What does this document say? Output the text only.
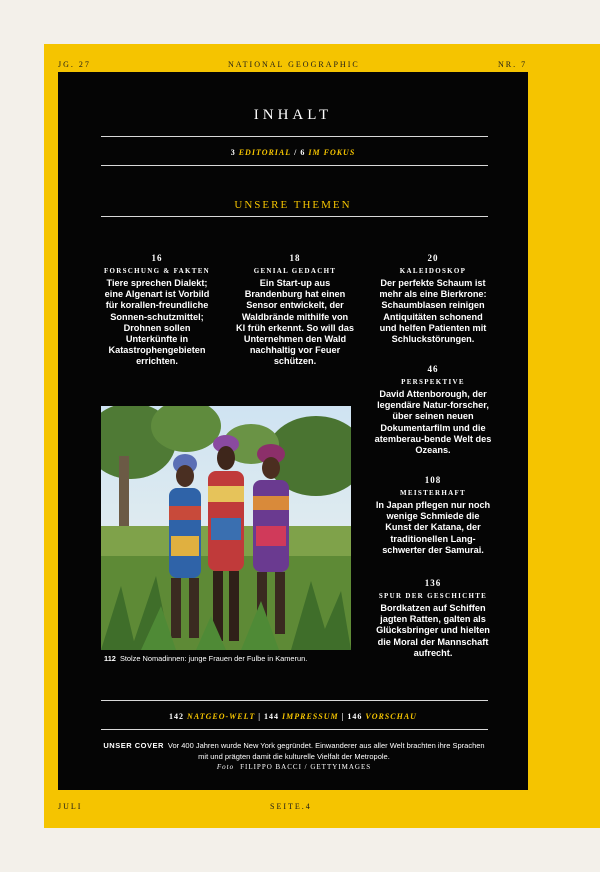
JG. 27	NATIONAL GEOGRAPHIC	NR. 7
INHALT
3 EDITORIAL / 6 IM FOKUS
UNSERE THEMEN
16
FORSCHUNG & FAKTEN
Tiere sprechen Dialekt; eine Algenart ist Vorbild für korallen-freundliche Sonnen-schutzmittel; Drohnen sollen Unterkünfte in Katastrophengebieten errichten.
18
GENIAL GEDACHT
Ein Start-up aus Brandenburg hat einen Sensor entwickelt, der Waldbrände mithilfe von KI früh erkennt. So will das Unternehmen den Wald nachhaltig vor Feuer schützen.
20
KALEIDOSKOP
Der perfekte Schaum ist mehr als eine Bierkrone: Schaumblasen reinigen Antiquitäten schonend und helfen Patienten mit Schluckstörungen.
46
PERSPEKTIVE
David Attenborough, der legendäre Natur-forscher, über seinen neuen Dokumentarfilm und die atemberau-bende Welt des Ozeans.
108
MEISTERHAFT
In Japan pflegen nur noch wenige Schmiede die Kunst der Katana, der traditionellen Lang-schwerter der Samurai.
136
SPUR DER GESCHICHTE
Bordkatzen auf Schiffen jagten Ratten, galten als Glücksbringer und hielten die Moral der Mannschaft aufrecht.
112 Stolze Nomadinnen: junge Frauen der Fulbe in Kamerun.
142 NATGEO-WELT | 144 IMPRESSUM | 146 VORSCHAU
UNSER COVER Vor 400 Jahren wurde New York gegründet. Einwanderer aus aller Welt brachten ihre Sprachen mit und prägten damit die kulturelle Vielfalt der Metropole.
Foto FILIPPO BACCI / GETTYIMAGES
JULI	SEITE.4
